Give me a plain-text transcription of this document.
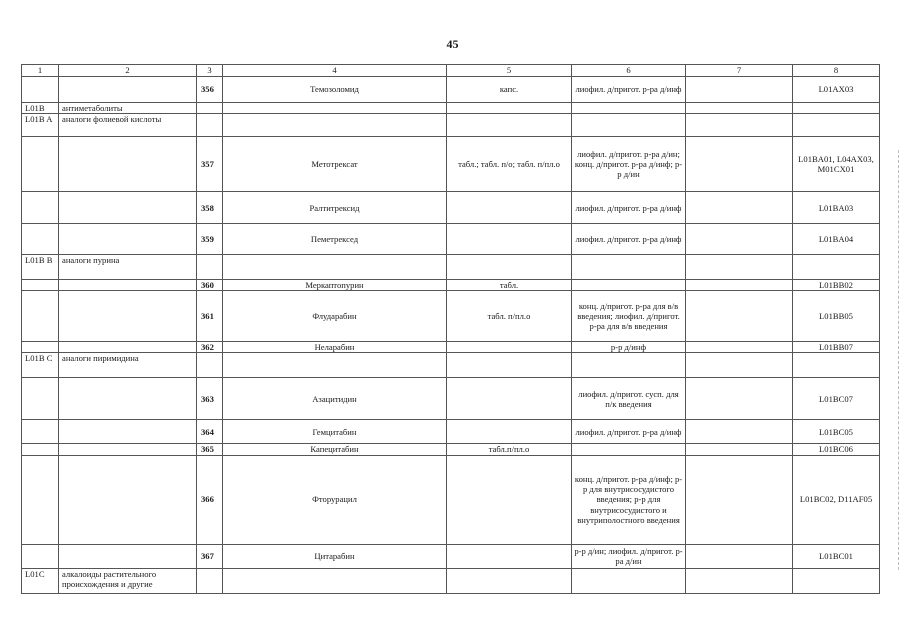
45
1	2	3	4	5	6	7	8
		356	Темозоломид	капс.	лиофил. д/пригот. р-ра д/инф		L01AX03
L01B	антиметаболиты						
L01B A	аналоги фолиевой кислоты						
		357	Метотрексат	табл.; табл. п/о; табл. п/пл.о	лиофил. д/пригот. р-ра д/ин; конц. д/пригот. р-ра д/инф; р-р д/ин		L01BA01, L04AX03, M01CX01
		358	Ралтитрексид		лиофил. д/пригот. р-ра д/инф		L01BA03
		359	Пеметрексед		лиофил. д/пригот. р-ра д/инф		L01BA04
L01B B	аналоги пурина						
		360	Меркаптопурин	табл.			L01BB02
		361	Флударабин	табл. п/пл.о	конц. д/пригот. р-ра для в/в введения; лиофил. д/пригот. р-ра для в/в введения		L01BB05
		362	Неларабин		р-р д/инф		L01BB07
L01B C	аналоги пиримидина						
		363	Азацитидин		лиофил. д/пригот. сусп. для п/к введения		L01BC07
		364	Гемцитабин		лиофил. д/пригот. р-ра д/инф		L01BC05
		365	Капецитабин	табл.п/пл.о			L01BC06
		366	Фторурацил		конц. д/пригот. р-ра д/инф; р-р для внутрисосудистого введения; р-р для внутрисосудистого и внутриполостного введения		L01BC02, D11AF05
		367	Цитарабин		р-р д/ин; лиофил. д/пригот. р-ра д/ин		L01BC01
L01C	алкалоиды растительного происхождения и другие						
